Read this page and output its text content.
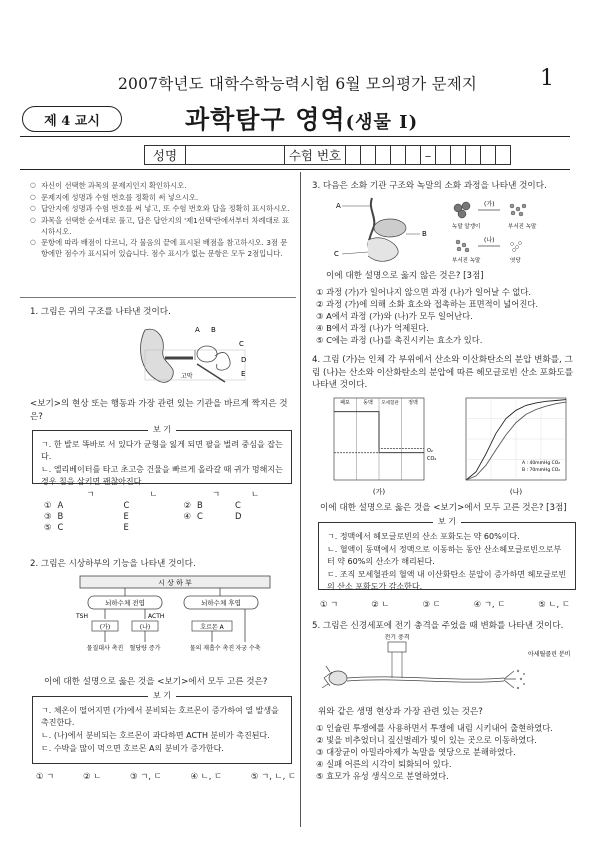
2007학년도 대학수학능력시험 6월 모의평가 문제지	1
제 4 교시	과학탐구 영역(생물 Ⅰ)
성명	수험 번호	–
○ 자신이 선택한 과목의 문제지인지 확인하시오.
○ 문제지에 성명과 수험 번호를 정확히 써 넣으시오.
○ 답안지에 성명과 수험 번호를 써 넣고, 또 수험 번호와 답을 정확히 표시하시오.
○ 과목을 선택한 순서대로 풀고, 답은 답안지의 '제1선택'란에서부터 차례대로 표시하시오.
○ 문항에 따라 배점이 다르니, 각 물음의 끝에 표시된 배점을 참고하시오. 3점 문항에만 점수가 표시되어 있습니다. 점수 표시가 없는 문항은 모두 2점입니다.
1. 그림은 귀의 구조를 나타낸 것이다.
A B
C
D
E
고막
<보기>의 현상 또는 행동과 가장 관련 있는 기관을 바르게 짝지은 것은?
보 기

ㄱ. 한 발로 똑바로 서 있다가 균형을 잃게 되면 팔을 벌려 중심을 잡는다.

ㄴ. 엘리베이터를 타고 초고층 건물을 빠르게 올라갈 때 귀가 멍해지는 경우 침을 삼키면 괜찮아진다.

	ㄱ	ㄴ		ㄱ	ㄴ
①	A	C	②	B	C
③	B	E	④	C	D
⑤	C	E			
2. 그림은 시상하부의 기능을 나타낸 것이다.
시 상 하 부
뇌하수체 전엽	뇌하수체 후엽
TSH	ACTH
(가)	(나)	호르몬 A
물질대사 촉진 혈당량 증가	물의 재흡수 촉진 자궁 수축
이에 대한 설명으로 옳은 것을 <보기>에서 모두 고른 것은?
보 기

ㄱ. 체온이 떨어지면 (가)에서 분비되는 호르몬이 증가하여 열 발생을 촉진한다.

ㄴ. (나)에서 분비되는 호르몬이 과다하면 ACTH 분비가 촉진된다.

ㄷ. 수박을 많이 먹으면 호르몬 A의 분비가 증가한다.

① ㄱ	② ㄴ	③ ㄱ, ㄷ	④ ㄴ, ㄷ	⑤ ㄱ, ㄴ, ㄷ
3. 다음은 소화 기관 구조와 녹말의 소화 과정을 나타낸 것이다.
A
B
C
(가)
녹말 알갱이	부서진 녹말
(나)
부서진 녹말	엿당
이에 대한 설명으로 옳지 않은 것은? [3점]

① 과정 (가)가 일어나지 않으면 과정 (나)가 일어날 수 없다.

② 과정 (가)에 의해 소화 효소와 접촉하는 표면적이 넓어진다.

③ A에서 과정 (가)와 (나)가 모두 일어난다.

④ B에서 과정 (나)가 억제된다.

⑤ C에는 과정 (나)를 촉진시키는 효소가 있다.

4. 그림 (가)는 인체 각 부위에서 산소와 이산화탄소의 분압 변화를, 그림 (나)는 산소와 이산화탄소의 분압에 따른 헤모글로빈 산소 포화도를 나타낸 것이다.
폐포	동맥 모세혈관 정맥
O₂
CO₂
(가)
A : 40mmHg CO₂
B : 70mmHg CO₂
(나)
이에 대한 설명으로 옳은 것을 <보기>에서 모두 고른 것은? [3점]
보 기

ㄱ. 정맥에서 헤모글로빈의 산소 포화도는 약 60%이다.

ㄴ. 혈액이 동맥에서 정맥으로 이동하는 동안 산소헤모글로빈으로부터 약 60%의 산소가 해리된다.

ㄷ. 조직 모세혈관의 혈액 내 이산화탄소 분압이 증가하면 헤모글로빈의 산소 포화도가 감소한다.

① ㄱ	② ㄴ	③ ㄷ	④ ㄱ, ㄷ	⑤ ㄴ, ㄷ
5. 그림은 신경세포에 전기 충격을 주었을 때 변화를 나타낸 것이다.
전기 충격
아세틸콜린 분비
위와 같은 생명 현상과 가장 관련 있는 것은?

① 인슐린 투쟁에를 사용하면서 투쟁에 내림 시키내어 출현하였다.

② 빛을 비추었더니 짚신벌레가 빛이 있는 곳으로 이동하였다.

③ 대장균이 아밀라아제가 녹말을 엿당으로 분해하였다.

④ 실패 어른의 시각이 퇴화되어 있다.

⑤ 효모가 유성 생식으로 분열하였다.
